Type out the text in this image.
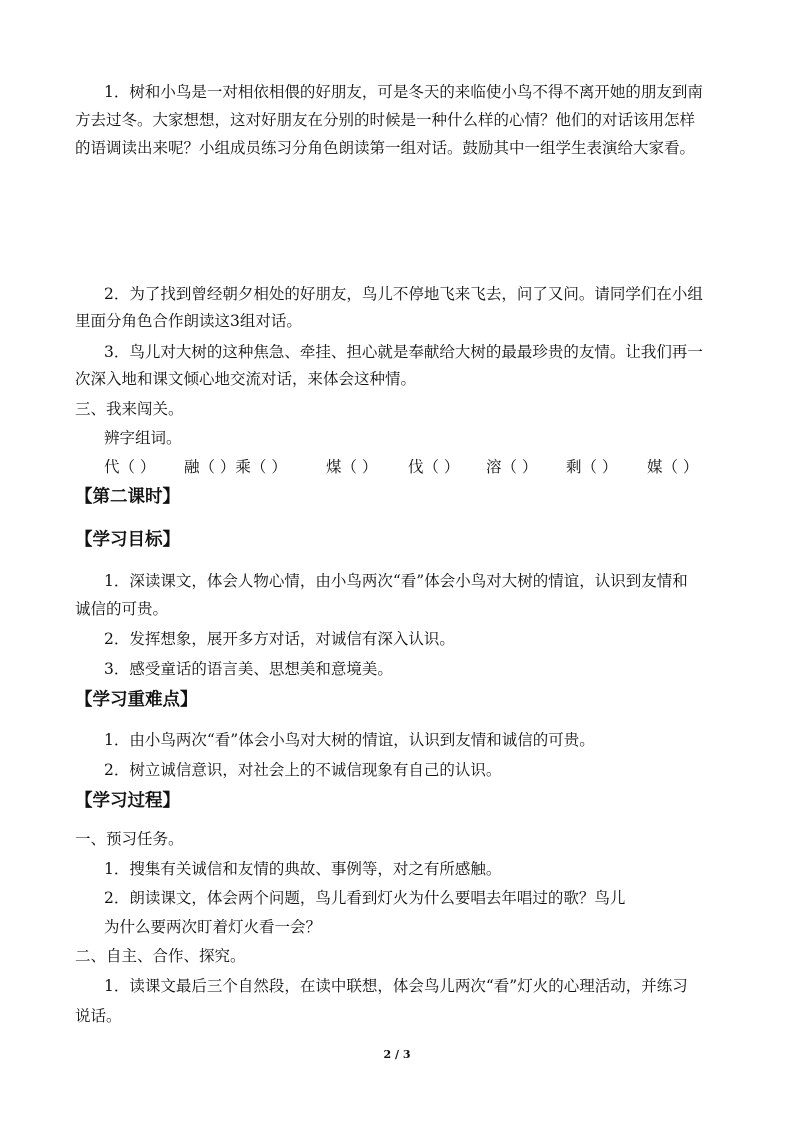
1．树和小鸟是一对相依相偎的好朋友，可是冬天的来临使小鸟不得不离开她的朋友到南
方去过冬。大家想想，这对好朋友在分别的时候是一种什么样的心情？他们的对话该用怎样
的语调读出来呢？小组成员练习分角色朗读第一组对话。鼓励其中一组学生表演给大家看。
2．为了找到曾经朝夕相处的好朋友，鸟儿不停地飞来飞去，问了又问。请同学们在小组
里面分角色合作朗读这3组对话。
3．鸟儿对大树的这种焦急、牵挂、担心就是奉献给大树的最最珍贵的友情。让我们再一
次深入地和课文倾心地交流对话，来体会这种情。
三、我来闯关。
辨字组词。
代（ ） 融（ ）乘（ ）	煤（ ） 伐（ ） 溶（ ） 剩（ ） 媒（ ）
【第二课时】
【学习目标】
1．深读课文，体会人物心情，由小鸟两次“看”体会小鸟对大树的情谊，认识到友情和
诚信的可贵。
2．发挥想象，展开多方对话，对诚信有深入认识。
3．感受童话的语言美、思想美和意境美。
【学习重难点】
1．由小鸟两次“看”体会小鸟对大树的情谊，认识到友情和诚信的可贵。
2．树立诚信意识，对社会上的不诚信现象有自己的认识。
【学习过程】
一、预习任务。
1．搜集有关诚信和友情的典故、事例等，对之有所感触。
2．朗读课文，体会两个问题，鸟儿看到灯火为什么要唱去年唱过的歌？鸟儿
为什么要两次盯着灯火看一会？
二、自主、合作、探究。
1．读课文最后三个自然段，在读中联想，体会鸟儿两次“看”灯火的心理活动，并练习
说话。
2 / 3
